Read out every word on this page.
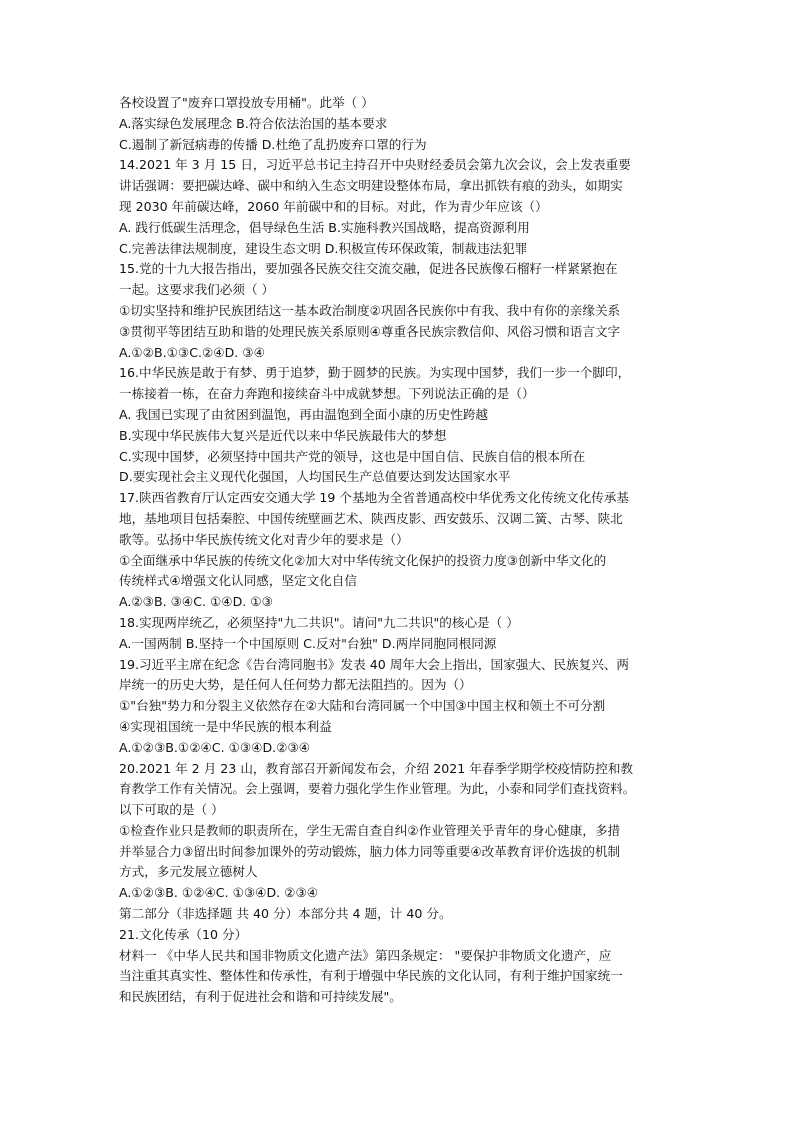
各校设置了"废弃口罩投放专用桶"。此举（ ）
A.落实绿色发展理念 B.符合依法治国的基本要求
C.遏制了新冠病毒的传播 D.杜绝了乱扔废弃口罩的行为
14.2021 年 3 月 15 日，习近平总书记主持召开中央财经委员会第九次会议，会上发表重要
讲话强调：要把碳达峰、碳中和纳入生态文明建设整体布局，拿出抓铁有痕的劲头，如期实
现 2030 年前碳达峰，2060 年前碳中和的目标。对此，作为青少年应该（）
A. 践行低碳生活理念，倡导绿色生活 B.实施科教兴国战略，提高资源利用
C.完善法律法规制度，建设生态文明 D.积极宣传环保政策，制裁违法犯罪
15.党的十九大报告指出，要加强各民族交往交流交融，促进各民族像石榴籽一样紧紧抱在
一起。这要求我们必须（ ）
①切实坚持和维护民族团结这一基本政治制度②巩固各民族你中有我、我中有你的亲缘关系
③贯彻平等团结互助和谐的处理民族关系原则④尊重各民族宗教信仰、风俗习惯和语言文字
A.①②B.①③C.②④D. ③④
16.中华民族是敢于有梦、勇于追梦，勤于圆梦的民族。为实现中国梦，我们一步一个脚印，
一栋接着一栋，在奋力奔跑和接续奋斗中成就梦想。下列说法正确的是（）
A. 我国已实现了由贫困到温饱，再由温饱到全面小康的历史性跨越
B.实现中华民族伟大复兴是近代以来中华民族最伟大的梦想
C.实现中国梦，必须坚持中国共产党的领导，这也是中国自信、民族自信的根本所在
D.要实现社会主义现代化强国，人均国民生产总值要达到发达国家水平
17.陕西省教育厅认定西安交通大学 19 个基地为全省普通高校中华优秀文化传统文化传承基
地，基地项目包括秦腔、中国传统壁画艺术、陕西皮影、西安鼓乐、汉调二簧、古琴、陕北
歌等。弘扬中华民族传统文化对青少年的要求是（）
①全面继承中华民族的传统文化②加大对中华传统文化保护的投资力度③创新中华文化的
传统样式④增强文化认同感，坚定文化自信
A.②③B. ③④C. ①④D. ①③
18.实现两岸统乙，必须坚持"九二共识"。请问"九二共识"的核心是（ ）
A.一国两制 B.坚持一个中国原则 C.反对"台独" D.两岸同胞同根同源
19.习近平主席在纪念《告台湾同胞书》发表 40 周年大会上指出，国家强大、民族复兴、两
岸统一的历史大势，是任何人任何势力都无法阻挡的。因为（）
①"台独"势力和分裂主义依然存在②大陆和台湾同属一个中国③中国主权和领土不可分割
④实现祖国统一是中华民族的根本利益
A.①②③B.①②④C. ①③④D.②③④
20.2021 年 2 月 23 山，教育部召开新闻发布会，介绍 2021 年春季学期学校疫情防控和教
育教学工作有关情况。会上强调，要着力强化学生作业管理。为此，小泰和同学们查找资料。
以下可取的是（ ）
①检查作业只是教师的职责所在，学生无需自查自纠②作业管理关乎青年的身心健康，多措
并举显合力③留出时间参加课外的劳动锻炼，脑力体力同等重要④改革教育评价选拔的机制
方式，多元发展立德树人
A.①②③B. ①②④C. ①③④D. ②③④
第二部分（非选择题 共 40 分）本部分共 4 题，计 40 分。
21.文化传承（10 分）
材料一 《中华人民共和国非物质文化遗产法》第四条规定： "要保护非物质文化遗产，应
当注重其真实性、整体性和传承性，有利于增强中华民族的文化认同，有利于维护国家统一
和民族团结，有利于促进社会和谐和可持续发展"。
